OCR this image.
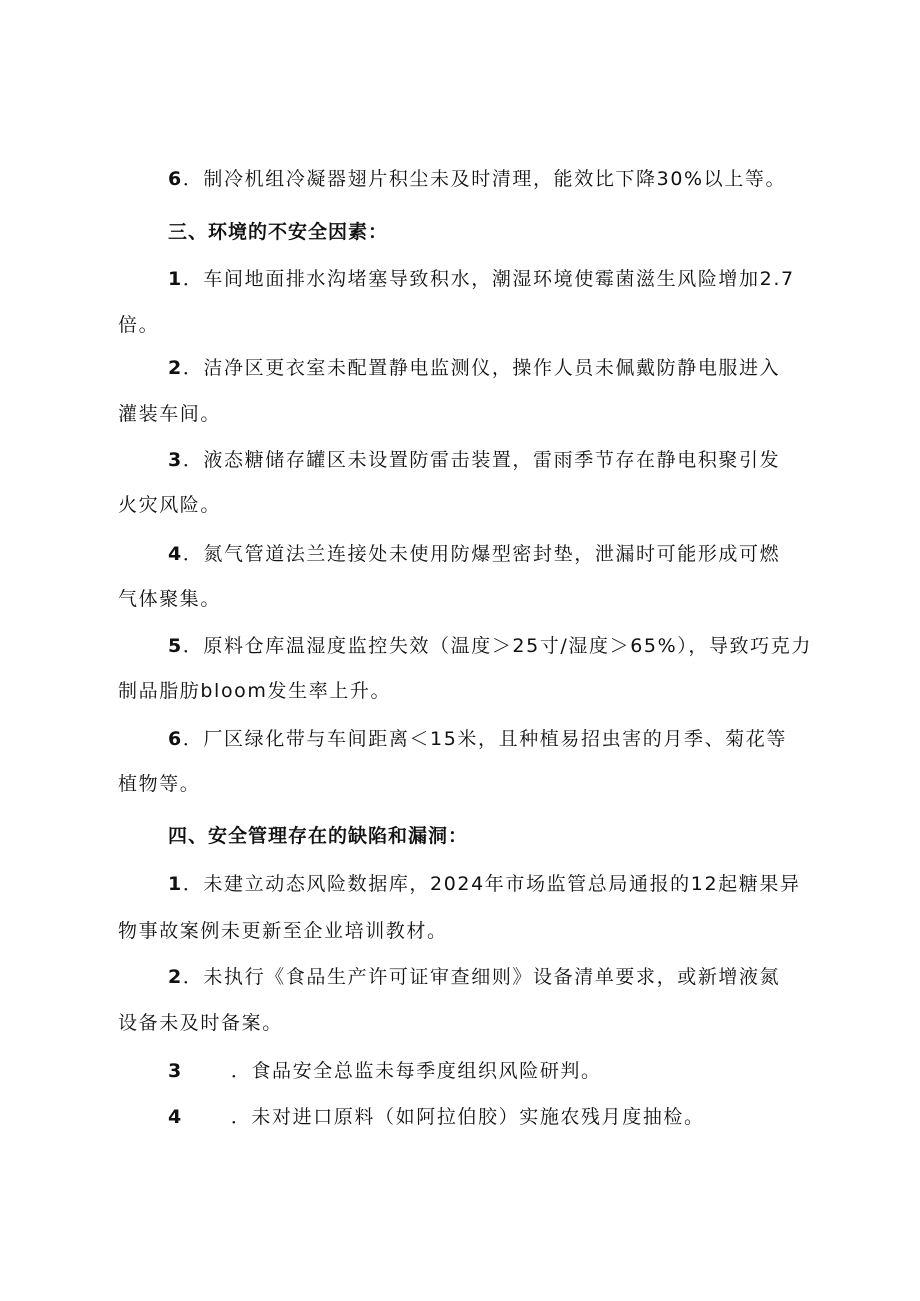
6．制冷机组冷凝器翅片积尘未及时清理，能效比下降30%以上等。
三、环境的不安全因素：
1．车间地面排水沟堵塞导致积水，潮湿环境使霉菌滋生风险增加2.7
倍。
2．洁净区更衣室未配置静电监测仪，操作人员未佩戴防静电服进入
灌装车间。
3．液态糖储存罐区未设置防雷击装置，雷雨季节存在静电积聚引发
火灾风险。
4．氮气管道法兰连接处未使用防爆型密封垫，泄漏时可能形成可燃
气体聚集。
5．原料仓库温湿度监控失效（温度＞25寸/湿度＞65%），导致巧克力
制品脂肪bloom发生率上升。
6．厂区绿化带与车间距离＜15米，且种植易招虫害的月季、菊花等
植物等。
四、安全管理存在的缺陷和漏洞：
1．未建立动态风险数据库，2024年市场监管总局通报的12起糖果异
物事故案例未更新至企业培训教材。
2．未执行《食品生产许可证审查细则》设备清单要求，或新增液氮
设备未及时备案。
3	．食品安全总监未每季度组织风险研判。
4	．未对进口原料（如阿拉伯胶）实施农残月度抽检。
